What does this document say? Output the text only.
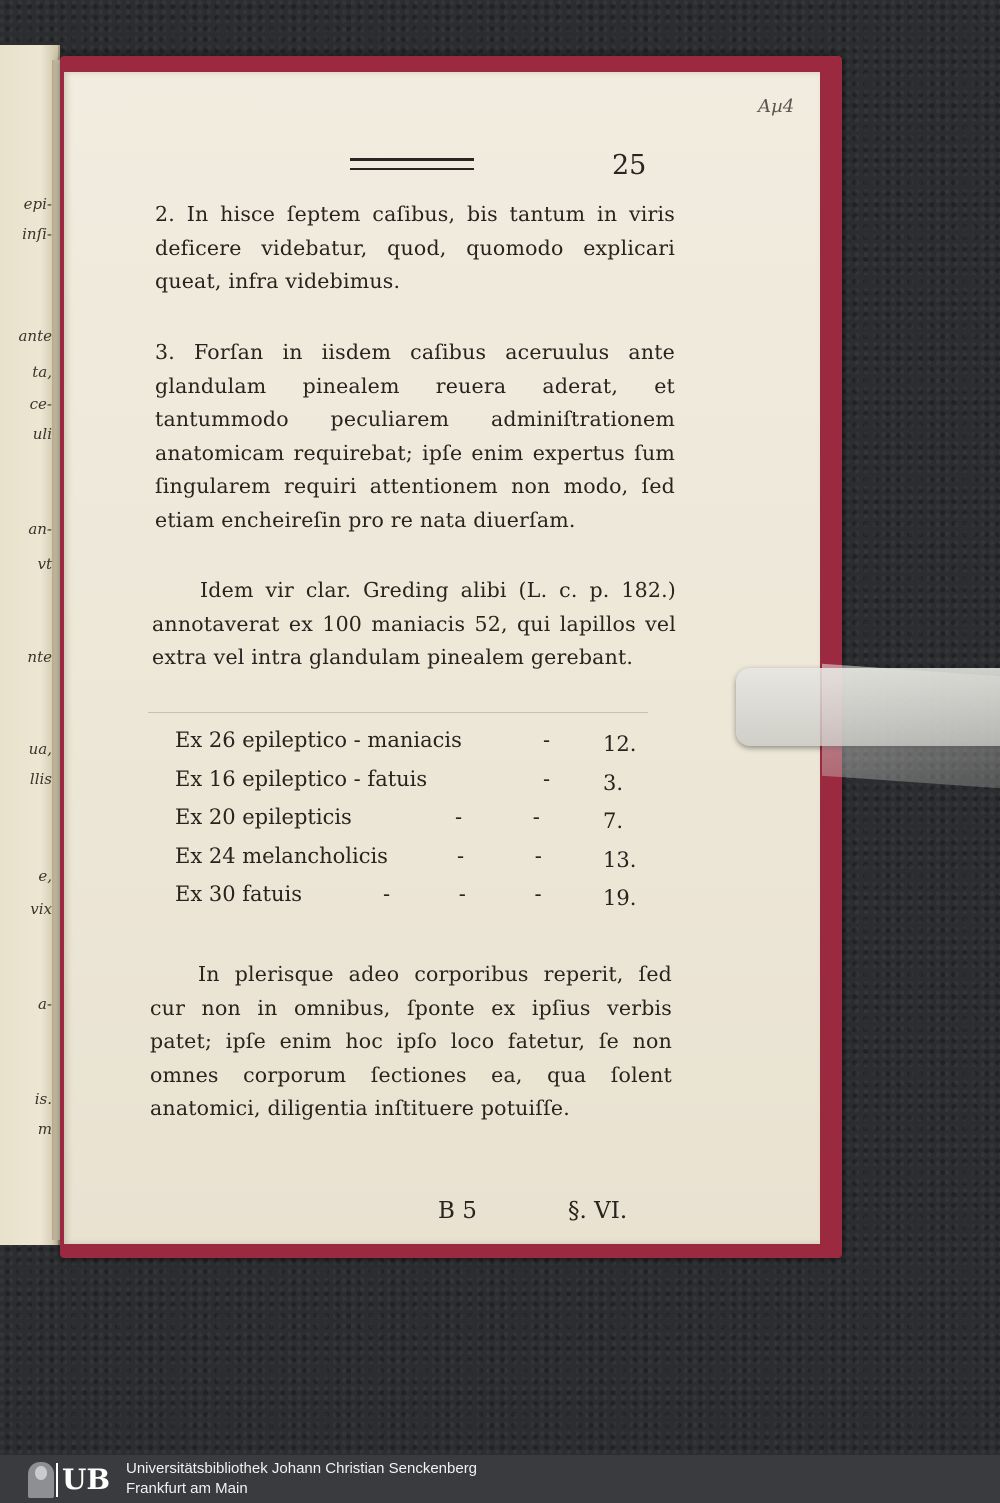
epi-
inſi-
ante
ta,
ce-
uli
an-
vt
nte
ua,
llis
e,
vix
a-
is.
m
Aµ4
25

2. In hisce ſeptem caſibus, bis tantum in viris deficere videbatur, quod, quomodo explicari queat, infra videbimus.

3. Forſan in iisdem caſibus aceruulus ante glandulam pinealem reuera aderat, et tantummodo peculiarem adminiſtrationem anatomicam requirebat; ipſe enim expertus ſum ſingularem requiri attentionem non modo, ſed etiam encheireſin pro re nata diuerſam.

Idem vir clar. Greding alibi (L. c. p. 182.) annotaverat ex 100 maniacis 52, qui lapillos vel extra vel intra glandulam pinealem gerebant.

Ex 26 epileptico - maniacis	-	12.
Ex 16 epileptico - fatuis	-	3.
Ex 20 epilepticis	- -	7.
Ex 24 melancholicis	- -	13.
Ex 30 fatuis	- - -	19.

In plerisque adeo corporibus reperit, ſed cur non in omnibus, ſponte ex ipſius verbis patet; ipſe enim hoc ipſo loco fatetur, ſe non omnes corporum ſectiones ea, qua ſolent anatomici, diligentia inſtituere potuiſſe.

B 5	§. VI.
UB Universitätsbibliothek Johann Christian Senckenberg
Frankfurt am Main
